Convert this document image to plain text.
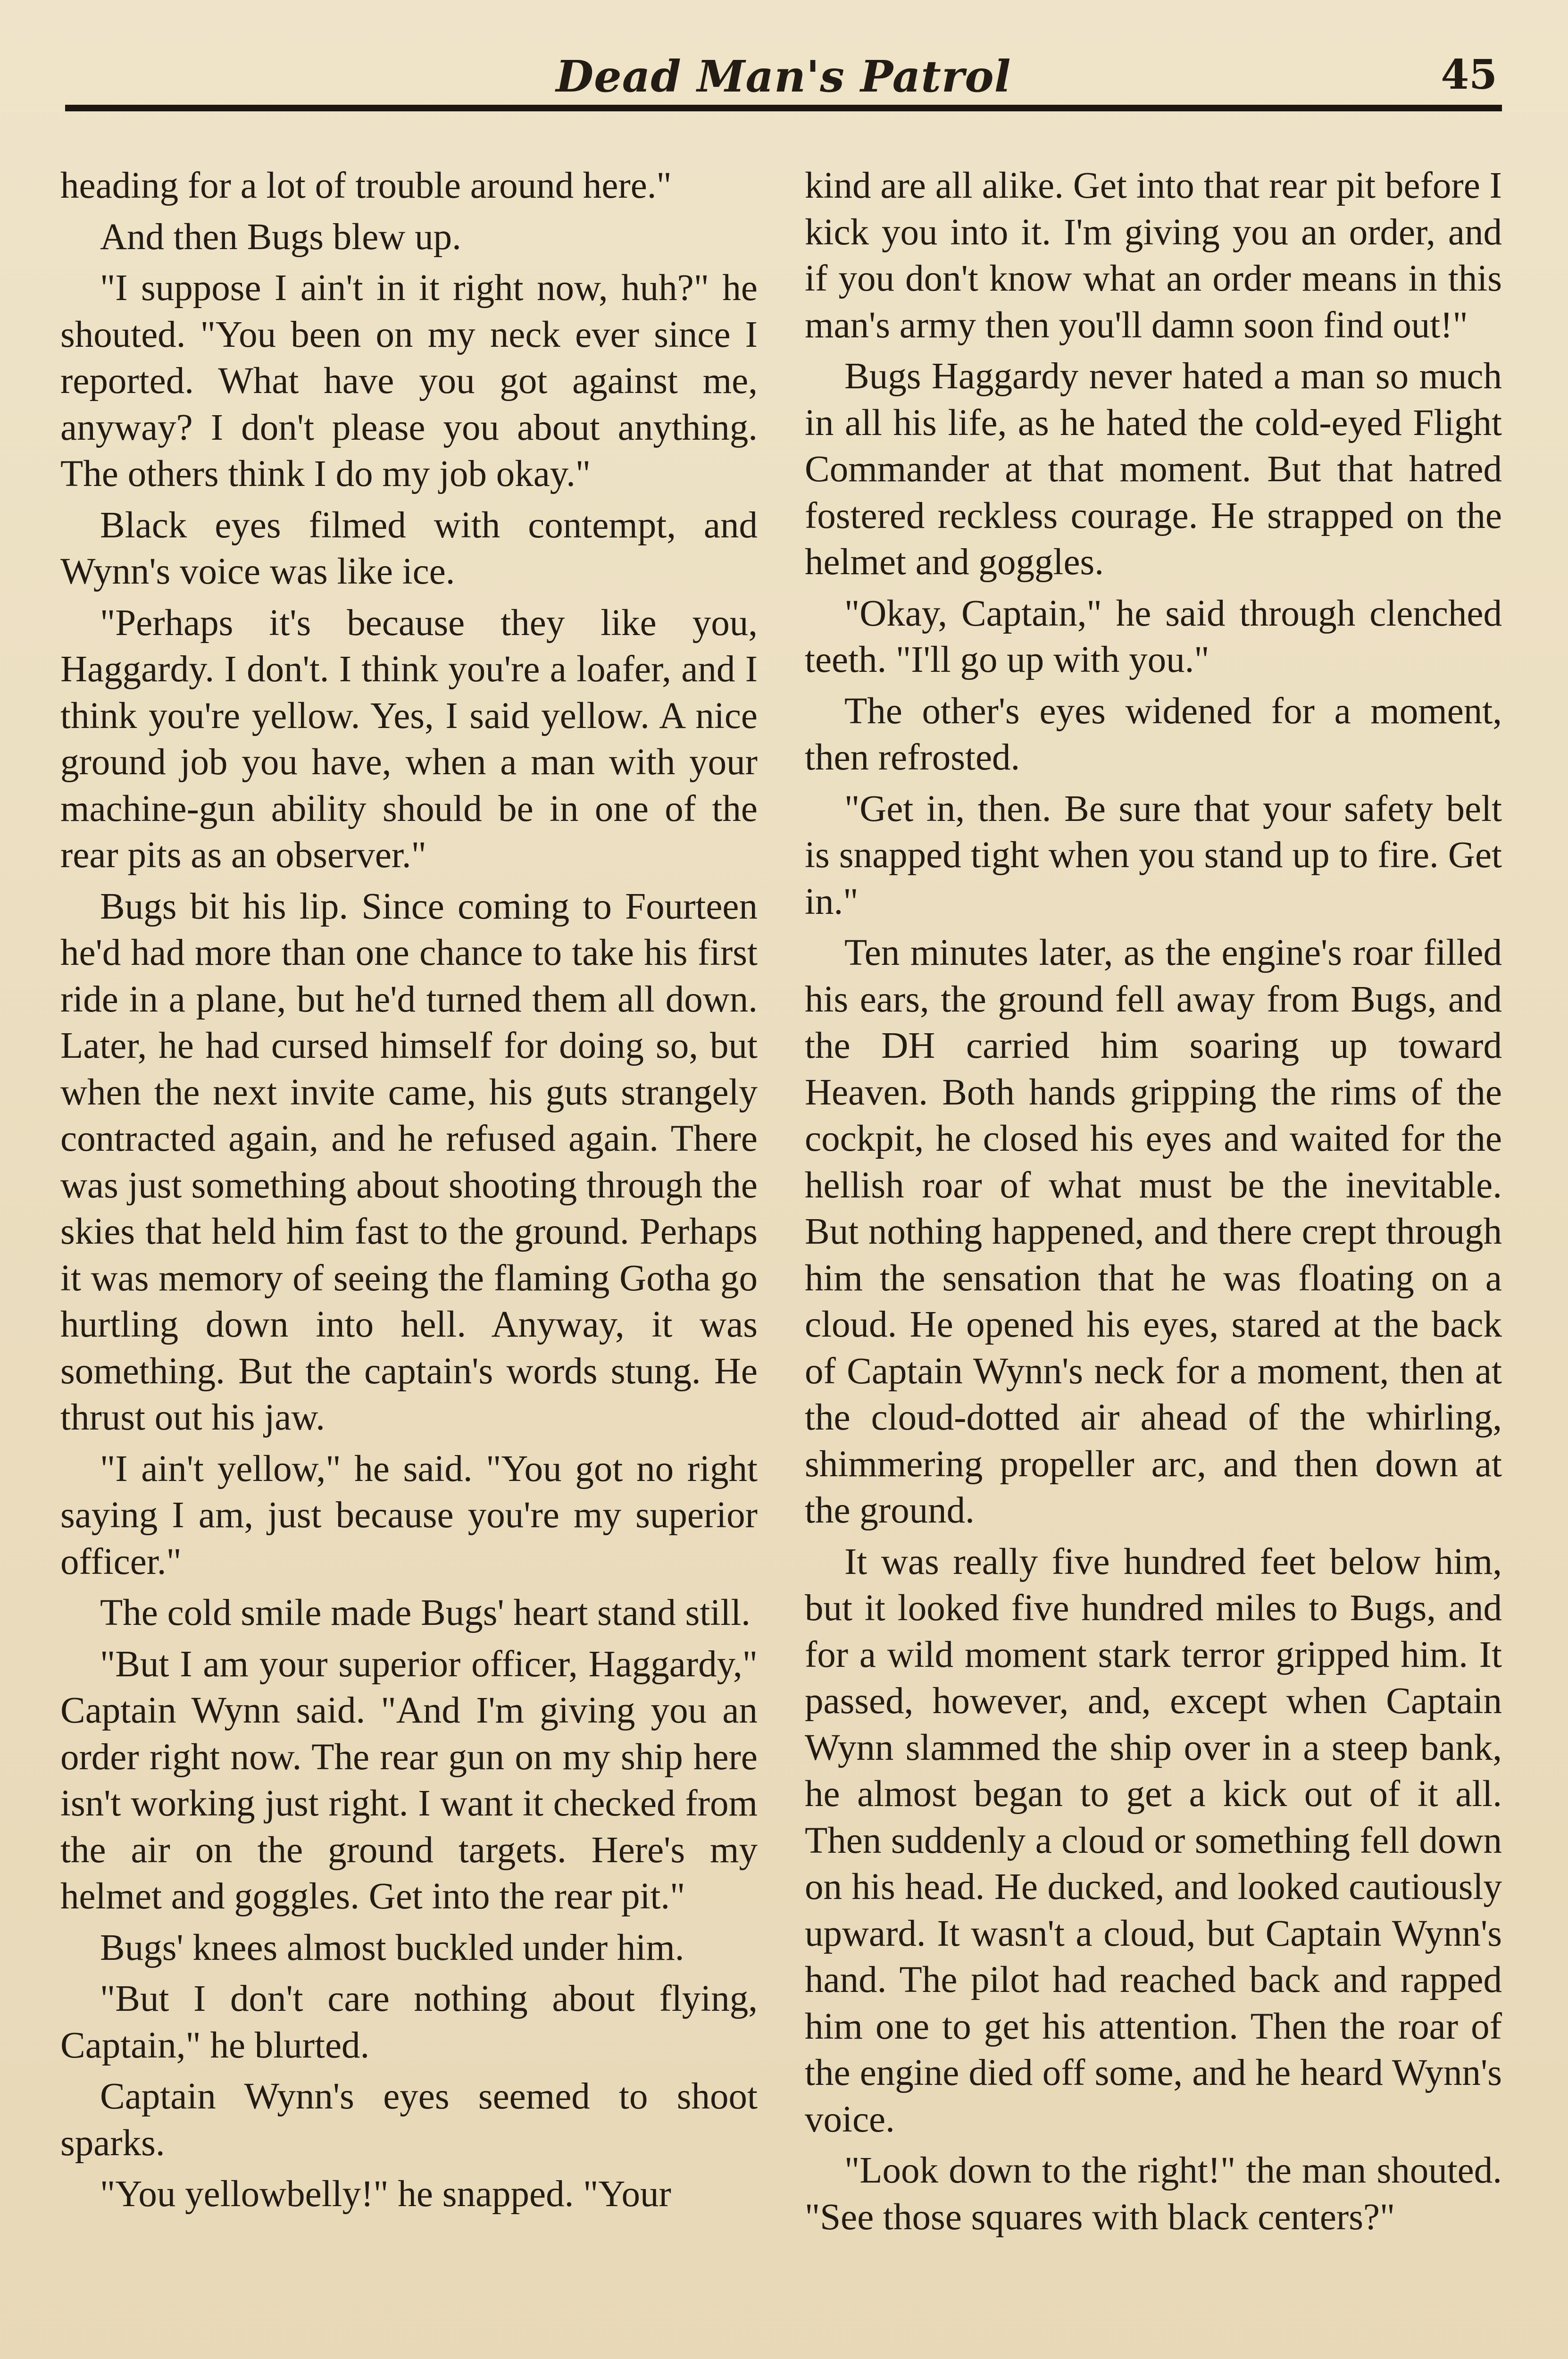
Dead Man's Patrol	45

heading for a lot of trouble around here."

And then Bugs blew up.

"I suppose I ain't in it right now, huh?" he shouted. "You been on my neck ever since I reported. What have you got against me, anyway? I don't please you about anything. The others think I do my job okay."

Black eyes filmed with contempt, and Wynn's voice was like ice.

"Perhaps it's because they like you, Haggardy. I don't. I think you're a loafer, and I think you're yellow. Yes, I said yellow. A nice ground job you have, when a man with your machine-gun ability should be in one of the rear pits as an observer."

Bugs bit his lip. Since coming to Fourteen he'd had more than one chance to take his first ride in a plane, but he'd turned them all down. Later, he had cursed himself for doing so, but when the next invite came, his guts strangely contracted again, and he refused again. There was just something about shooting through the skies that held him fast to the ground. Perhaps it was memory of seeing the flaming Gotha go hurtling down into hell. Anyway, it was something. But the captain's words stung. He thrust out his jaw.

"I ain't yellow," he said. "You got no right saying I am, just because you're my superior officer."

The cold smile made Bugs' heart stand still.

"But I am your superior officer, Haggardy," Captain Wynn said. "And I'm giving you an order right now. The rear gun on my ship here isn't working just right. I want it checked from the air on the ground targets. Here's my helmet and goggles. Get into the rear pit."

Bugs' knees almost buckled under him.

"But I don't care nothing about flying, Captain," he blurted.

Captain Wynn's eyes seemed to shoot sparks.

"You yellowbelly!" he snapped. "Your

kind are all alike. Get into that rear pit before I kick you into it. I'm giving you an order, and if you don't know what an order means in this man's army then you'll damn soon find out!"

Bugs Haggardy never hated a man so much in all his life, as he hated the cold-eyed Flight Commander at that moment. But that hatred fostered reckless courage. He strapped on the helmet and goggles.

"Okay, Captain," he said through clenched teeth. "I'll go up with you."

The other's eyes widened for a moment, then refrosted.

"Get in, then. Be sure that your safety belt is snapped tight when you stand up to fire. Get in."

Ten minutes later, as the engine's roar filled his ears, the ground fell away from Bugs, and the DH carried him soaring up toward Heaven. Both hands gripping the rims of the cockpit, he closed his eyes and waited for the hellish roar of what must be the inevitable. But nothing happened, and there crept through him the sensation that he was floating on a cloud. He opened his eyes, stared at the back of Captain Wynn's neck for a moment, then at the cloud-dotted air ahead of the whirling, shimmering propeller arc, and then down at the ground.

It was really five hundred feet below him, but it looked five hundred miles to Bugs, and for a wild moment stark terror gripped him. It passed, however, and, except when Captain Wynn slammed the ship over in a steep bank, he almost began to get a kick out of it all. Then suddenly a cloud or something fell down on his head. He ducked, and looked cautiously upward. It wasn't a cloud, but Captain Wynn's hand. The pilot had reached back and rapped him one to get his attention. Then the roar of the engine died off some, and he heard Wynn's voice.

"Look down to the right!" the man shouted. "See those squares with black centers?"
